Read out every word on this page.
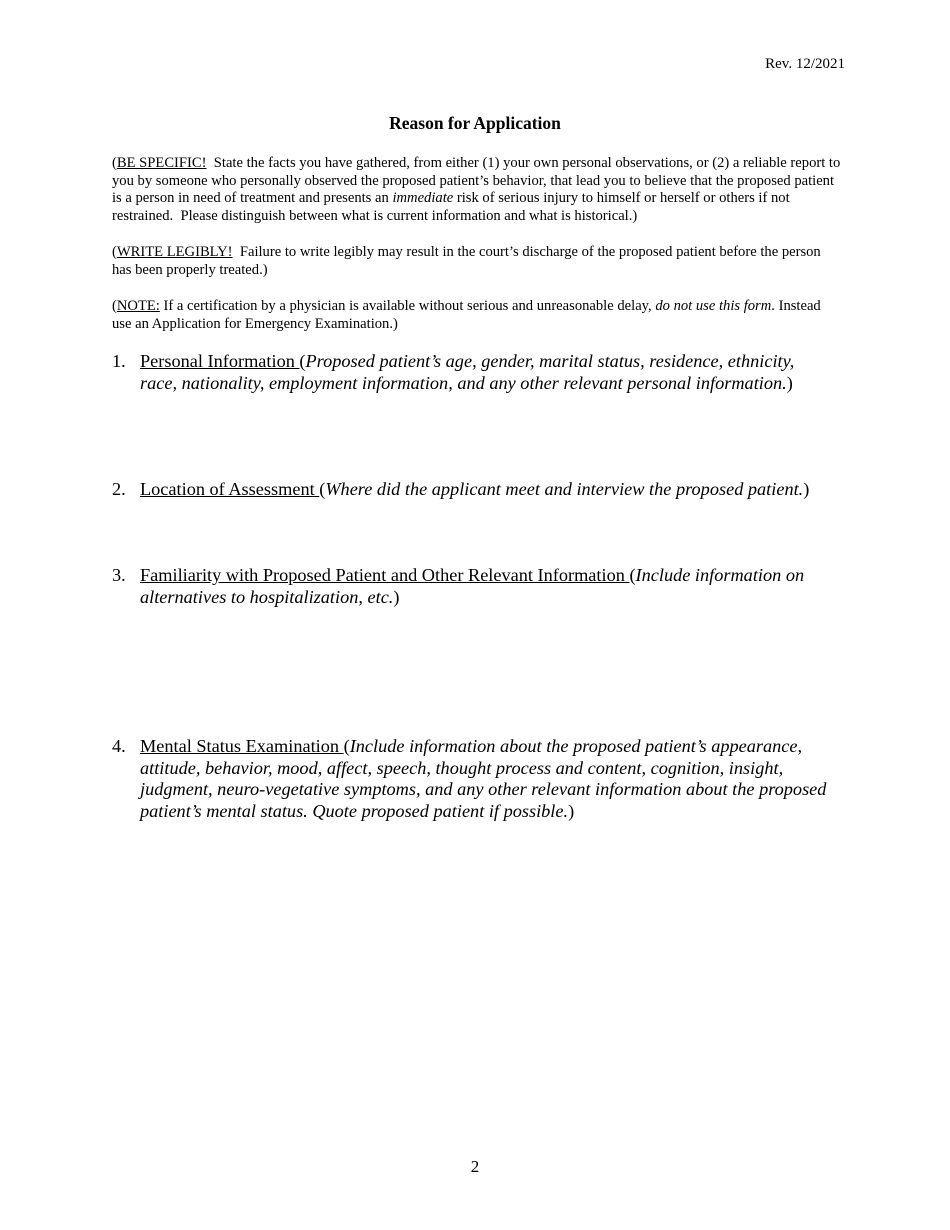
Rev. 12/2021
Reason for Application
(BE SPECIFIC!  State the facts you have gathered, from either (1) your own personal observations, or (2) a reliable report to you by someone who personally observed the proposed patient’s behavior, that lead you to believe that the proposed patient is a person in need of treatment and presents an immediate risk of serious injury to himself or herself or others if not restrained.  Please distinguish between what is current information and what is historical.)
(WRITE LEGIBLY!  Failure to write legibly may result in the court’s discharge of the proposed patient before the person has been properly treated.)
(NOTE: If a certification by a physician is available without serious and unreasonable delay, do not use this form. Instead use an Application for Emergency Examination.)
1. Personal Information (Proposed patient’s age, gender, marital status, residence, ethnicity, race, nationality, employment information, and any other relevant personal information.)
2. Location of Assessment (Where did the applicant meet and interview the proposed patient.)
3. Familiarity with Proposed Patient and Other Relevant Information (Include information on alternatives to hospitalization, etc.)
4. Mental Status Examination (Include information about the proposed patient’s appearance, attitude, behavior, mood, affect, speech, thought process and content, cognition, insight, judgment, neuro-vegetative symptoms, and any other relevant information about the proposed patient’s mental status. Quote proposed patient if possible.)
2
